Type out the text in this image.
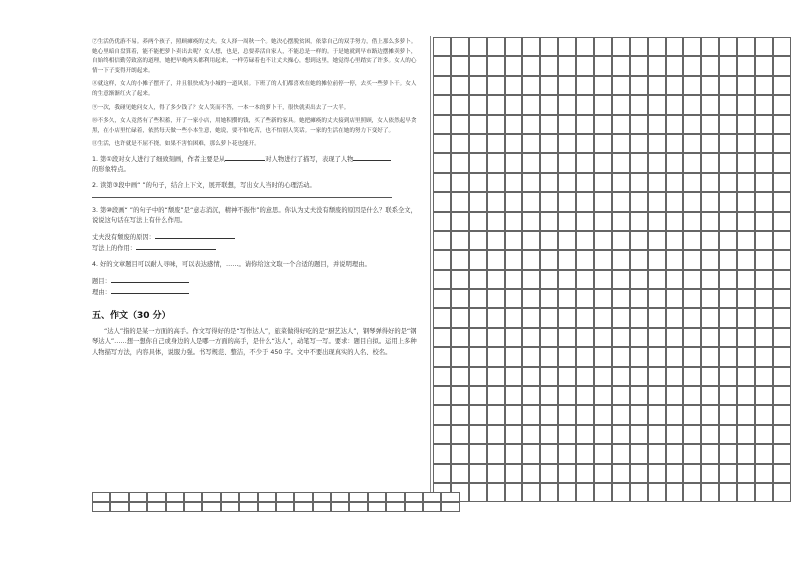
⑦生活仍优游不易。养两个孩子，照顾瘫痪的丈夫。女人择一周秋一个。她决心摆脱贫困，依靠自己的双手努力，借上那么多萝卜。她心里暗自盘算着，能不能把萝卜卖出去呢？女人想，也是，总要养活自家人，不能总是一样的。于是她就到早市路边摆摊卖萝卜，自始终相信勤劳致富的道理，她把早晚两头都利用起来，一样劳碌着也不让丈夫操心，想到这里，她觉得心里踏实了许多。女人的心情一下子变得开朗起来。

⑧就这样，女人的小摊子摆开了，并且很快成为小城的一道风景。下班了的人们都喜欢在她的摊位前停一停，去买一些萝卜干。女人的生意渐渐红火了起来。

⑨一次，我碰见她问女人，得了多少钱了？女人笑而不答，一本一本的萝卜干，很快就卖出去了一大半。

⑩不多久，女人竟然有了些积蓄，开了一家小店，用她积攒的钱，买了些新的家具。她把瘫痪的丈夫接到店里照顾，女人依然起早贪黑，在小店里忙碌着，依然每天做一些小本生意，她说，要不怕吃苦，也不怕别人笑话。一家的生活在她的努力下变好了。

⑪生活，也许就是不屈不挠，如果不害怕困难，那么萝卜花也能开。

1. 第①段对女人进行了细致刻画，作者主要是从	对人物进行了描写，表现了人物
的形象特点。
2. 读第③段中画“ ”的句子，结合上下文，展开联想，写出女人当时的心理活动。
3. 第⑩段画“ ”的句子中的“颓废”是“意志消沉，精神不振作”的意思。你认为丈夫没有颓废的原因是什么？联系全文，说说这句话在写法上有什么作用。
丈夫没有颓废的原因：
写法上的作用：
4. 好的文章题目可以耐人寻味，可以表达感情，……。请你给这文取一个合适的题目，并说明理由。
题目：
理由：
五、作文（30 分）

“达人”指的是某一方面的高手。作文写得好的是“写作达人”，旅菜做得好吃的是“厨艺达人”，钢琴弹得好的是“钢琴达人”……想一想你自己或身边的人是哪一方面的高手，是什么“达人”，动笔写一写。要求：题目自拟。运用上多种人物描写方法，内容具体，说服力强。书写规范、整洁，不少于 450 字。文中不要出现真实的人名、校名。
